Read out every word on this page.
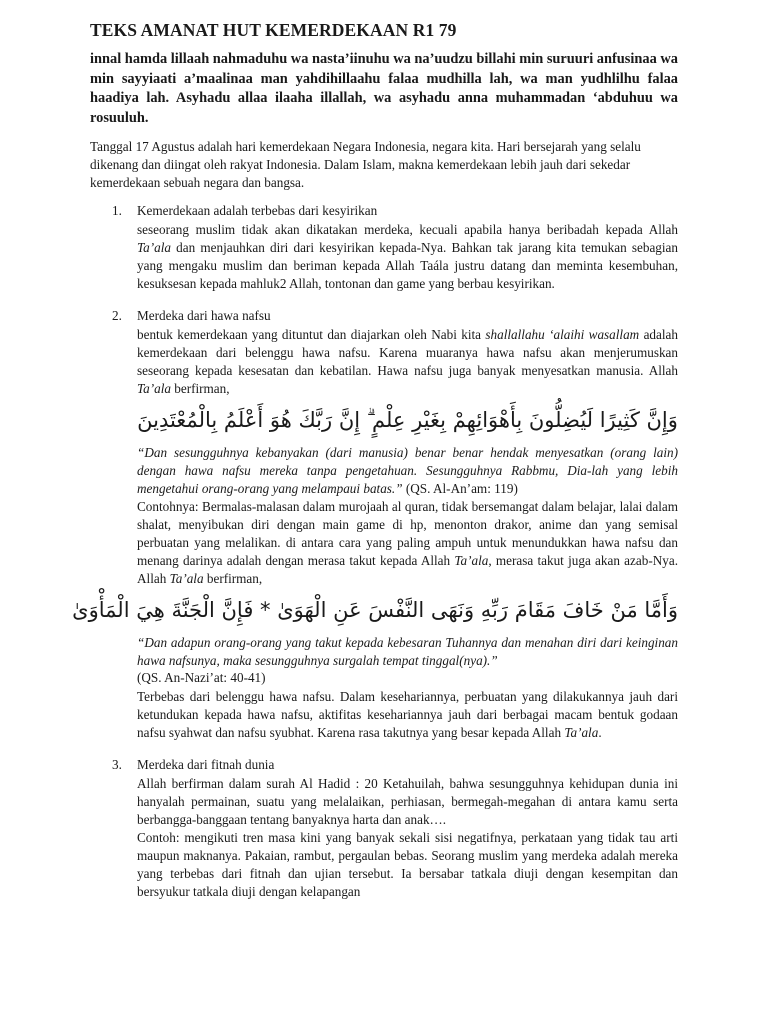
TEKS AMANAT HUT KEMERDEKAAN R1 79
innal hamda lillaah nahmaduhu wa nasta’iinuhu wa na’uudzu billahi min suruuri anfusinaa wa min sayyiaati a’maalinaa man yahdihillaahu falaa mudhilla lah, wa man yudhlilhu falaa haadiya lah. Asyhadu allaa ilaaha illallah, wa asyhadu anna muhammadan ‘abduhuu wa rosuuluh.
Tanggal 17 Agustus adalah hari kemerdekaan Negara Indonesia, negara kita. Hari bersejarah yang selalu dikenang dan diingat oleh rakyat Indonesia. Dalam Islam, makna kemerdekaan lebih jauh dari sekedar kemerdekaan sebuah negara dan bangsa.
1. Kemerdekaan adalah terbebas dari kesyirikan
seseorang muslim tidak akan dikatakan merdeka, kecuali apabila hanya beribadah kepada Allah Ta’ala dan menjauhkan diri dari kesyirikan kepada-Nya. Bahkan tak jarang kita temukan sebagian yang mengaku muslim dan beriman kepada Allah Taála justru datang dan meminta kesembuhan, kesuksesan kepada mahluk2 Allah, tontonan dan game yang berbau kesyirikan.
2. Merdeka dari hawa nafsu
bentuk kemerdekaan yang dituntut dan diajarkan oleh Nabi kita shallallahu ‘alaihi wasallam adalah kemerdekaan dari belenggu hawa nafsu. Karena muaranya hawa nafsu akan menjerumuskan seseorang kepada kesesatan dan kebatilan. Hawa nafsu juga banyak menyesatkan manusia. Allah Ta’ala berfirman,
وَإِنَّ كَثِيرًا لَيُضِلُّونَ بِأَهْوَائِهِمْ بِغَيْرِ عِلْمٍ ۗ إِنَّ رَبَّكَ هُوَ أَعْلَمُ بِالْمُعْتَدِينَ
“Dan sesungguhnya kebanyakan (dari manusia) benar benar hendak menyesatkan (orang lain) dengan hawa nafsu mereka tanpa pengetahuan. Sesungguhnya Rabbmu, Dia-lah yang lebih mengetahui orang-orang yang melampaui batas.” (QS. Al-An’am: 119)
Contohnya: Bermalas-malasan dalam murojaah al quran, tidak bersemangat dalam belajar, lalai dalam shalat, menyibukan diri dengan main game di hp, menonton drakor, anime dan yang semisal perbuatan yang melalikan. di antara cara yang paling ampuh untuk menundukkan hawa nafsu dan menang darinya adalah dengan merasa takut kepada Allah Ta’ala, merasa takut juga akan azab-Nya. Allah Ta’ala berfirman,
وَأَمَّا مَنْ خَافَ مَقَامَ رَبِّهِ وَنَهَى النَّفْسَ عَنِ الْهَوَىٰ * فَإِنَّ الْجَنَّةَ هِيَ الْمَأْوَىٰ
“Dan adapun orang-orang yang takut kepada kebesaran Tuhannya dan menahan diri dari keinginan hawa nafsunya, maka sesungguhnya surgalah tempat tinggal(nya).”
(QS. An-Nazi’at: 40-41)
Terbebas dari belenggu hawa nafsu. Dalam kesehariannya, perbuatan yang dilakukannya jauh dari ketundukan kepada hawa nafsu, aktifitas kesehariannya jauh dari berbagai macam bentuk godaan nafsu syahwat dan nafsu syubhat. Karena rasa takutnya yang besar kepada Allah Ta’ala.
3. Merdeka dari fitnah dunia
Allah berfirman dalam surah Al Hadid : 20 Ketahuilah, bahwa sesungguhnya kehidupan dunia ini hanyalah permainan, suatu yang melalaikan, perhiasan, bermegah-megahan di antara kamu serta berbangga-banggaan tentang banyaknya harta dan anak….
Contoh: mengikuti tren masa kini yang banyak sekali sisi negatifnya, perkataan yang tidak tau arti maupun maknanya. Pakaian, rambut, pergaulan bebas. Seorang muslim yang merdeka adalah mereka yang terbebas dari fitnah dan ujian tersebut. Ia bersabar tatkala diuji dengan kesempitan dan bersyukur tatkala diuji dengan kelapangan
